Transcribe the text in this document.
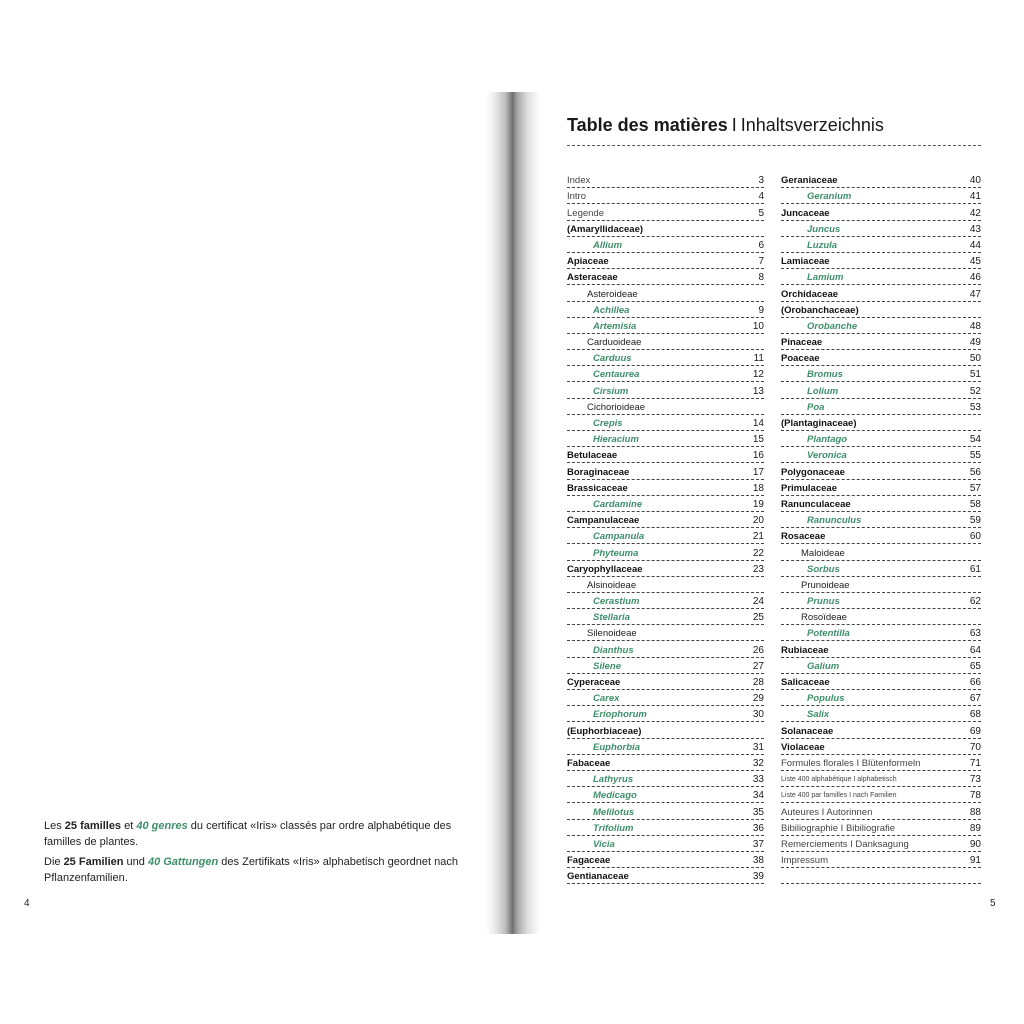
Les 25 familles et 40 genres du certificat «Iris» classés par ordre alphabétique des familles de plantes.

Die 25 Familien und 40 Gattungen des Zertifikats «Iris» alphabetisch geordnet nach Pflanzenfamilien.

4
Table des matières I Inhaltsverzeichnis
Index	3
Intro	4
Legende	5
(Amaryllidaceae)
Allium	6
Apiaceae	7
Asteraceae	8
Asteroideae
Achillea	9
Artemisia	10
Carduoideae
Carduus	11
Centaurea	12
Cirsium	13
Cichorioideae
Crepis	14
Hieracium	15
Betulaceae	16
Boraginaceae	17
Brassicaceae	18
Cardamine	19
Campanulaceae	20
Campanula	21
Phyteuma	22
Caryophyllaceae	23
Alsinoideae
Cerastium	24
Stellaria	25
Silenoideae
Dianthus	26
Silene	27
Cyperaceae	28
Carex	29
Eriophorum	30
(Euphorbiaceae)
Euphorbia	31
Fabaceae	32
Lathyrus	33
Medicago	34
Melilotus	35
Trifolium	36
Vicia	37
Fagaceae	38
Gentianaceae	39
Geraniaceae	40
Geranium	41
Juncaceae	42
Juncus	43
Luzula	44
Lamiaceae	45
Lamium	46
Orchidaceae	47
(Orobanchaceae)
Orobanche	48
Pinaceae	49
Poaceae	50
Bromus	51
Lolium	52
Poa	53
(Plantaginaceae)
Plantago	54
Veronica	55
Polygonaceae	56
Primulaceae	57
Ranunculaceae	58
Ranunculus	59
Rosaceae	60
Maloideae
Sorbus	61
Prunoideae
Prunus	62
Rosoïdeae
Potentilla	63
Rubiaceae	64
Galium	65
Salicaceae	66
Populus	67
Salix	68
Solanaceae	69
Violaceae	70
Formules florales I Blütenformeln	71
Liste 400 alphabétique I alphabetisch	73
Liste 400 par familles I nach Familien	78
Auteures I Autorinnen	88
Bibiliographie I Bibiliografie	89
Remerciements I Danksagung	90
Impressum	91
5
